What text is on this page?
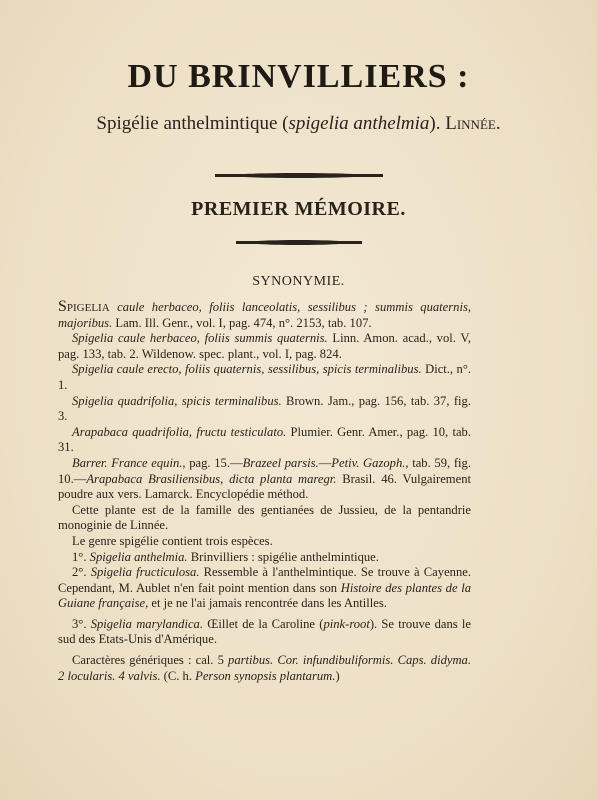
DU BRINVILLIERS :
Spigélie anthelmintique (spigelia anthelmia). Linnée.
PREMIER MÉMOIRE.
SYNONYMIE.

Spigelia caule herbaceo, foliis lanceolatis, sessilibus ; summis quaternis, majoribus. Lam. Ill. Genr., vol. I, pag. 474, n°. 2153, tab. 107.

Spigelia caule herbaceo, foliis summis quaternis. Linn. Amon. acad., vol. V, pag. 133, tab. 2. Wildenow. spec. plant., vol. I, pag. 824.

Spigelia caule erecto, foliis quaternis, sessilibus, spicis terminalibus. Dict., n°. 1.

Spigelia quadrifolia, spicis terminalibus. Brown. Jam., pag. 156, tab. 37, fig. 3.

Arapabaca quadrifolia, fructu testiculato. Plumier. Genr. Amer., pag. 10, tab. 31.

Barrer. France equin., pag. 15.—Brazeel parsis.—Petiv. Gazoph., tab. 59, fig. 10.—Arapabaca Brasiliensibus, dicta planta maregr. Brasil. 46. Vulgairement poudre aux vers. Lamarck. Encyclopédie méthod.

Cette plante est de la famille des gentianées de Jussieu, de la pentandrie monoginie de Linnée.

Le genre spigélie contient trois espèces.

1°. Spigelia anthelmia. Brinvilliers : spigélie anthelmintique.

2°. Spigelia fructiculosa. Ressemble à l'anthelmintique. Se trouve à Cayenne. Cependant, M. Aublet n'en fait point mention dans son Histoire des plantes de la Guiane française, et je ne l'ai jamais rencontrée dans les Antilles.

3°. Spigelia marylandica. Œillet de la Caroline (pink-root). Se trouve dans le sud des Etats-Unis d'Amérique.

Caractères génériques : cal. 5 partibus. Cor. infundibuliformis. Caps. didyma. 2 locularis. 4 valvis. (C. h. Person synopsis plantarum.)
